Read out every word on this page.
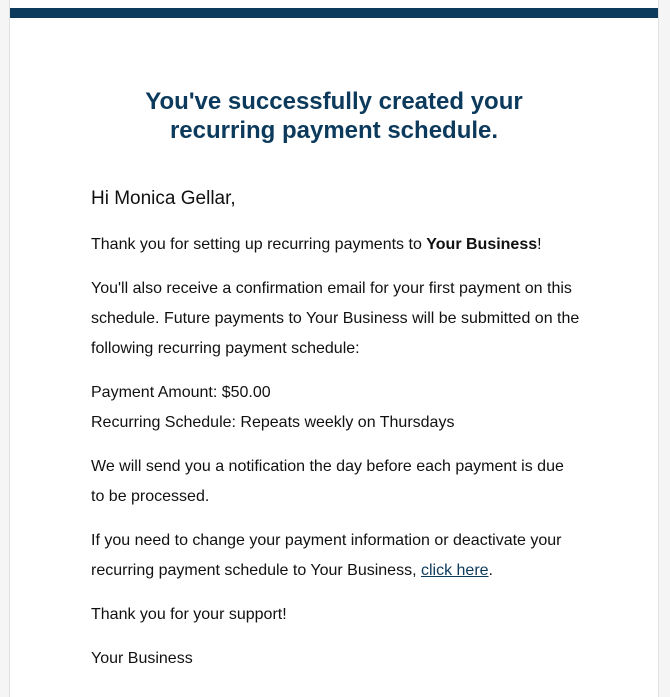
You've successfully created your
recurring payment schedule.
Hi Monica Gellar,
Thank you for setting up recurring payments to Your Business!
You'll also receive a confirmation email for your first payment on this schedule. Future payments to Your Business will be submitted on the following recurring payment schedule:
Payment Amount: $50.00
Recurring Schedule: Repeats weekly on Thursdays
We will send you a notification the day before each payment is due to be processed.
If you need to change your payment information or deactivate your recurring payment schedule to Your Business, click here.
Thank you for your support!
Your Business
